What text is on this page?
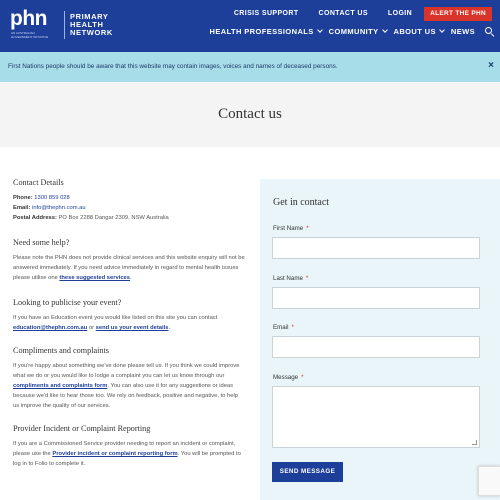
phn
AN AUSTRALIAN GOVERNMENT INITIATIVE
PRIMARY HEALTH NETWORK
CRISIS SUPPORT	CONTACT US	LOGIN	ALERT THE PHN
HEALTH PROFESSIONALS COMMUNITY ABOUT US NEWS
First Nations people should be aware that this website may contain images, voices and names of deceased persons.	×
Contact us
Contact Details
Phone: 1300 859 028
Email: info@thephn.com.au
Postal Address: PO Box 2288 Dangar 2309, NSW Australia
Need some help?
Please note the PHN does not provide clinical services and this website enquiry will not be answered immediately. If you need advice immediately in regard to mental health issues please utilise one these suggested services.
Looking to publicise your event?
If you have an Education event you would like listed on this site you can contact education@thephn.com.au or send us your event details.
Compliments and complaints
If you're happy about something we've done please tell us. If you think we could improve what we do or you would like to lodge a complaint you can let us know through our compliments and complaints form. You can also use it for any suggestions or ideas because we'd like to hear those too. We rely on feedback, positive and negative, to help us improve the quality of our services.
Provider Incident or Complaint Reporting
If you are a Commissioned Service provider needing to report an incident or complaint, please use the Provider incident or complaint reporting form. You will be prompted to log in to Folio to complete it.
Get in contact
First Name *
Last Name *
Email *
Message *
SEND MESSAGE
